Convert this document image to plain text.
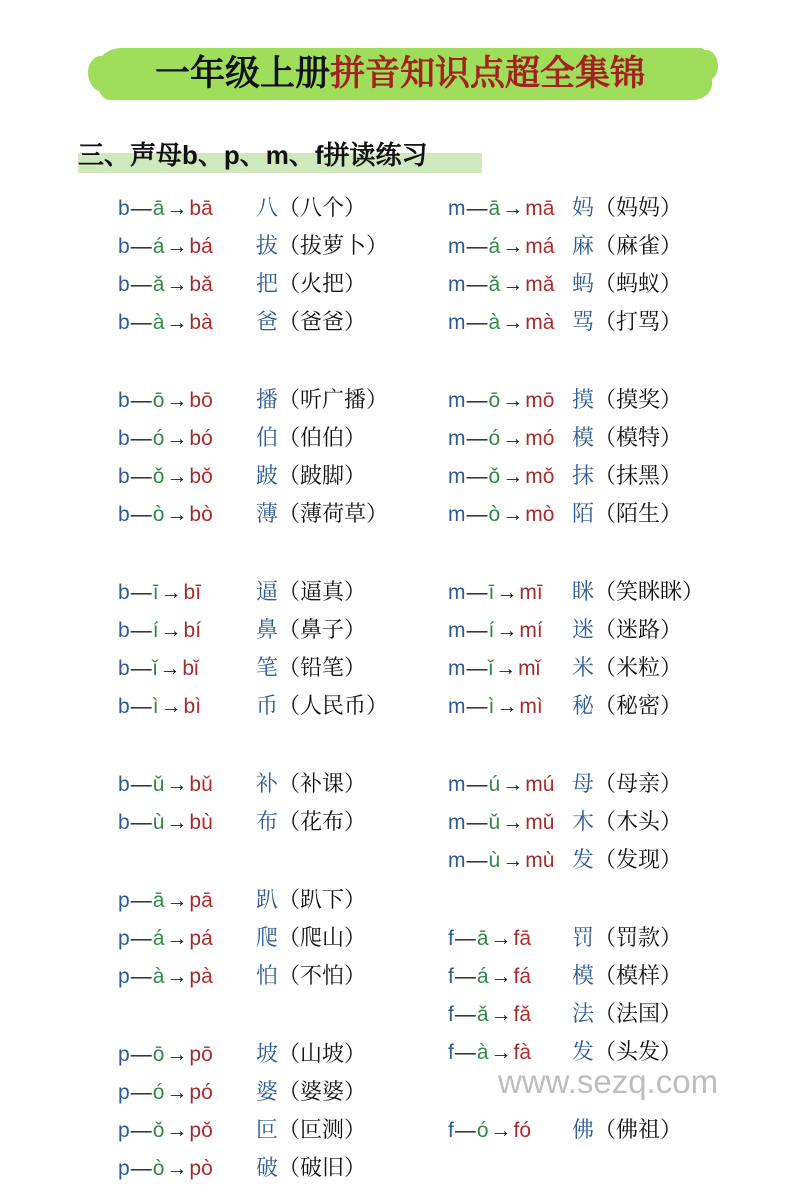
一年级上册拼音知识点超全集锦
三、声母b、p、m、f拼读练习
b — ā → bā 八（八个）
b — á → bá 拔（拔萝卜）
b — ǎ → bǎ 把（火把）
b — à → bà 爸（爸爸）
b — ō → bō 播（听广播）
b — ó → bó 伯（伯伯）
b — ǒ → bǒ 跛（跛脚）
b — ò → bò 薄（薄荷草）
b — ī → bī 逼（逼真）
b — í → bí 鼻（鼻子）
b — ǐ → bǐ	笔（铅笔）
b — ì → bì 币（人民币）
b — ǔ → bǔ 补（补课）
b — ù → bù 布（花布）
p — ā → pā 趴（趴下）
p — á → pá 爬（爬山）
p — à → pà 怕（不怕）
p — ō → pō 坡（山坡）
p — ó → pó 婆（婆婆）
p — ǒ → pǒ 叵（叵测）
p — ò → pò 破（破旧）
m — ā → mā 妈（妈妈）
m — á → má 麻（麻雀）
m — ǎ → mǎ 蚂（蚂蚁）
m — à → mà 骂（打骂）
m — ō → mō 摸（摸奖）
m — ó → mó 模（模特）
m — ǒ → mǒ 抹（抹黑）
m — ò → mò 陌（陌生）
m — ī → mī 眯（笑眯眯）
m — í → mí 迷（迷路）
m — ǐ → mǐ 米（米粒）
m — ì → mì 秘（秘密）
m — ú → mú 母（母亲）
m — ǔ → mǔ 木（木头）
m — ù → mù 发（发现）
f — ā → fā 罚（罚款）
f — á → fá 模（模样）
f — ǎ → fǎ 法（法国）
f — à → fà 发（头发）
f — ó → fó 佛（佛祖）
www.sezq.com
